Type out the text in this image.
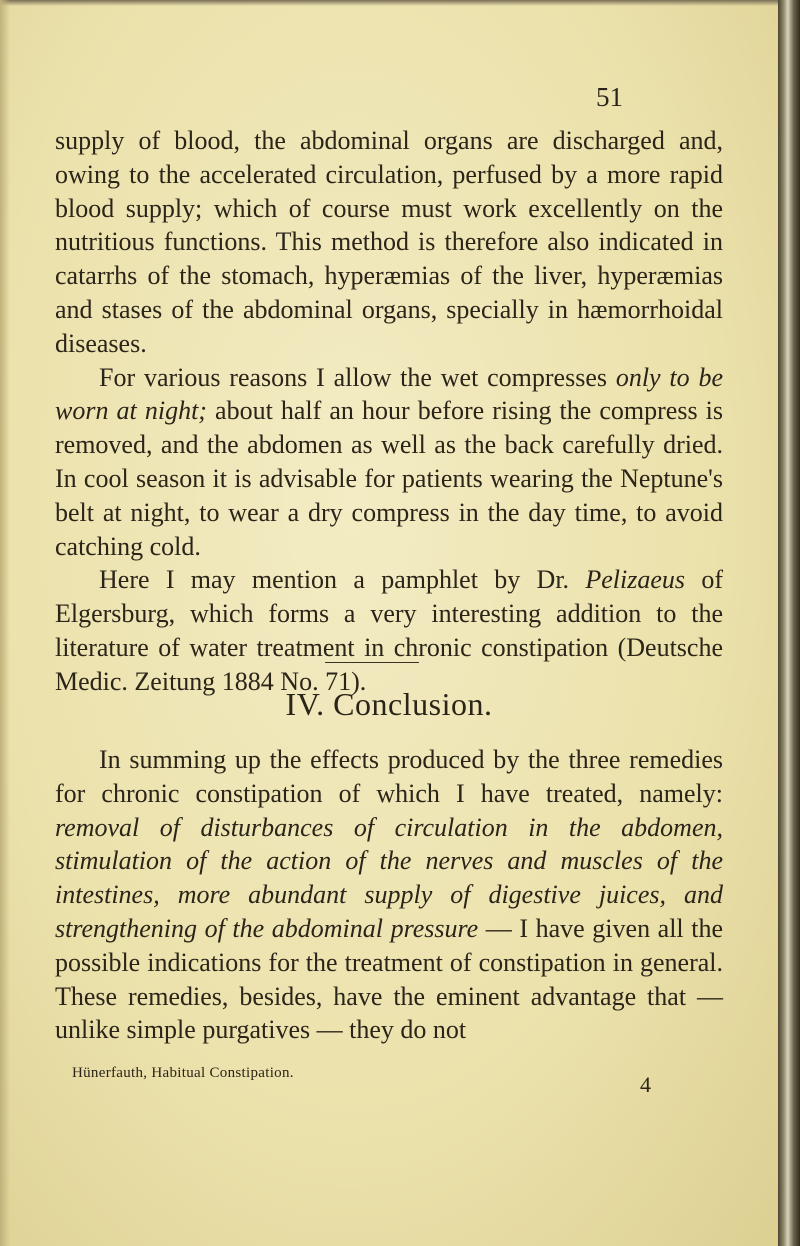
51

supply of blood, the abdominal organs are discharged and, owing to the accelerated circulation, perfused by a more rapid blood supply; which of course must work excellently on the nutritious functions. This method is therefore also indicated in catarrhs of the stomach, hyperæmias of the liver, hyperæmias and stases of the abdominal organs, specially in hæmorrhoidal diseases.

For various reasons I allow the wet compresses only to be worn at night; about half an hour before rising the compress is removed, and the abdomen as well as the back carefully dried. In cool season it is advisable for patients wearing the Neptune's belt at night, to wear a dry compress in the day time, to avoid catching cold.

Here I may mention a pamphlet by Dr. Pelizaeus of Elgersburg, which forms a very interesting addition to the literature of water treatment in chronic constipation (Deutsche Medic. Zeitung 1884 No. 71).

IV. Conclusion.

In summing up the effects produced by the three remedies for chronic constipation of which I have treated, namely: removal of disturbances of circulation in the abdomen, stimulation of the action of the nerves and muscles of the intestines, more abundant supply of digestive juices, and strengthening of the abdominal pressure — I have given all the possible indications for the treatment of constipation in general. These remedies, besides, have the eminent advantage that — unlike simple purgatives — they do not

Hünerfauth, Habitual Constipation.	4
